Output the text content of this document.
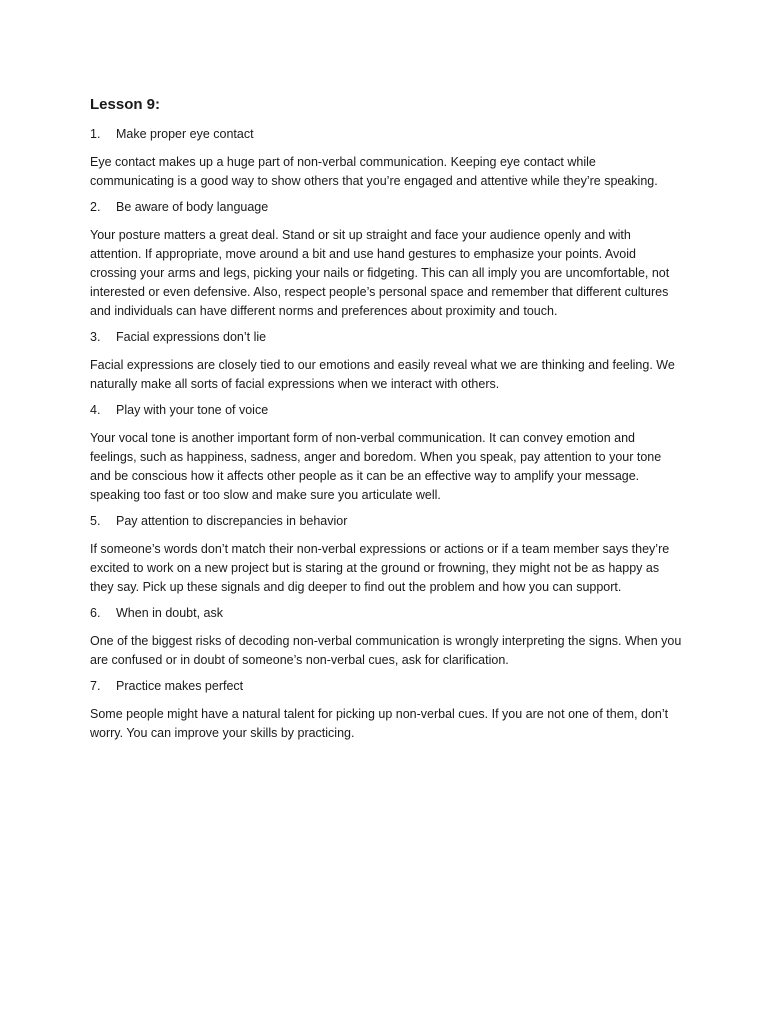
Lesson 9:
1.	Make proper eye contact

Eye contact makes up a huge part of non-verbal communication. Keeping eye contact while communicating is a good way to show others that you’re engaged and attentive while they’re speaking.

2.	Be aware of body language

Your posture matters a great deal. Stand or sit up straight and face your audience openly and with attention. If appropriate, move around a bit and use hand gestures to emphasize your points. Avoid crossing your arms and legs, picking your nails or fidgeting. This can all imply you are uncomfortable, not interested or even defensive. Also, respect people’s personal space and remember that different cultures and individuals can have different norms and preferences about proximity and touch.

3.	Facial expressions don’t lie

Facial expressions are closely tied to our emotions and easily reveal what we are thinking and feeling. We naturally make all sorts of facial expressions when we interact with others.

4.	Play with your tone of voice

Your vocal tone is another important form of non-verbal communication. It can convey emotion and feelings, such as happiness, sadness, anger and boredom. When you speak, pay attention to your tone and be conscious how it affects other people as it can be an effective way to amplify your message. speaking too fast or too slow and make sure you articulate well.

5.	Pay attention to discrepancies in behavior

If someone’s words don’t match their non-verbal expressions or actions or if a team member says they’re excited to work on a new project but is staring at the ground or frowning, they might not be as happy as they say. Pick up these signals and dig deeper to find out the problem and how you can support.

6.	When in doubt, ask

One of the biggest risks of decoding non-verbal communication is wrongly interpreting the signs. When you are confused or in doubt of someone’s non-verbal cues, ask for clarification.

7.	Practice makes perfect

Some people might have a natural talent for picking up non-verbal cues. If you are not one of them, don’t worry. You can improve your skills by practicing.
